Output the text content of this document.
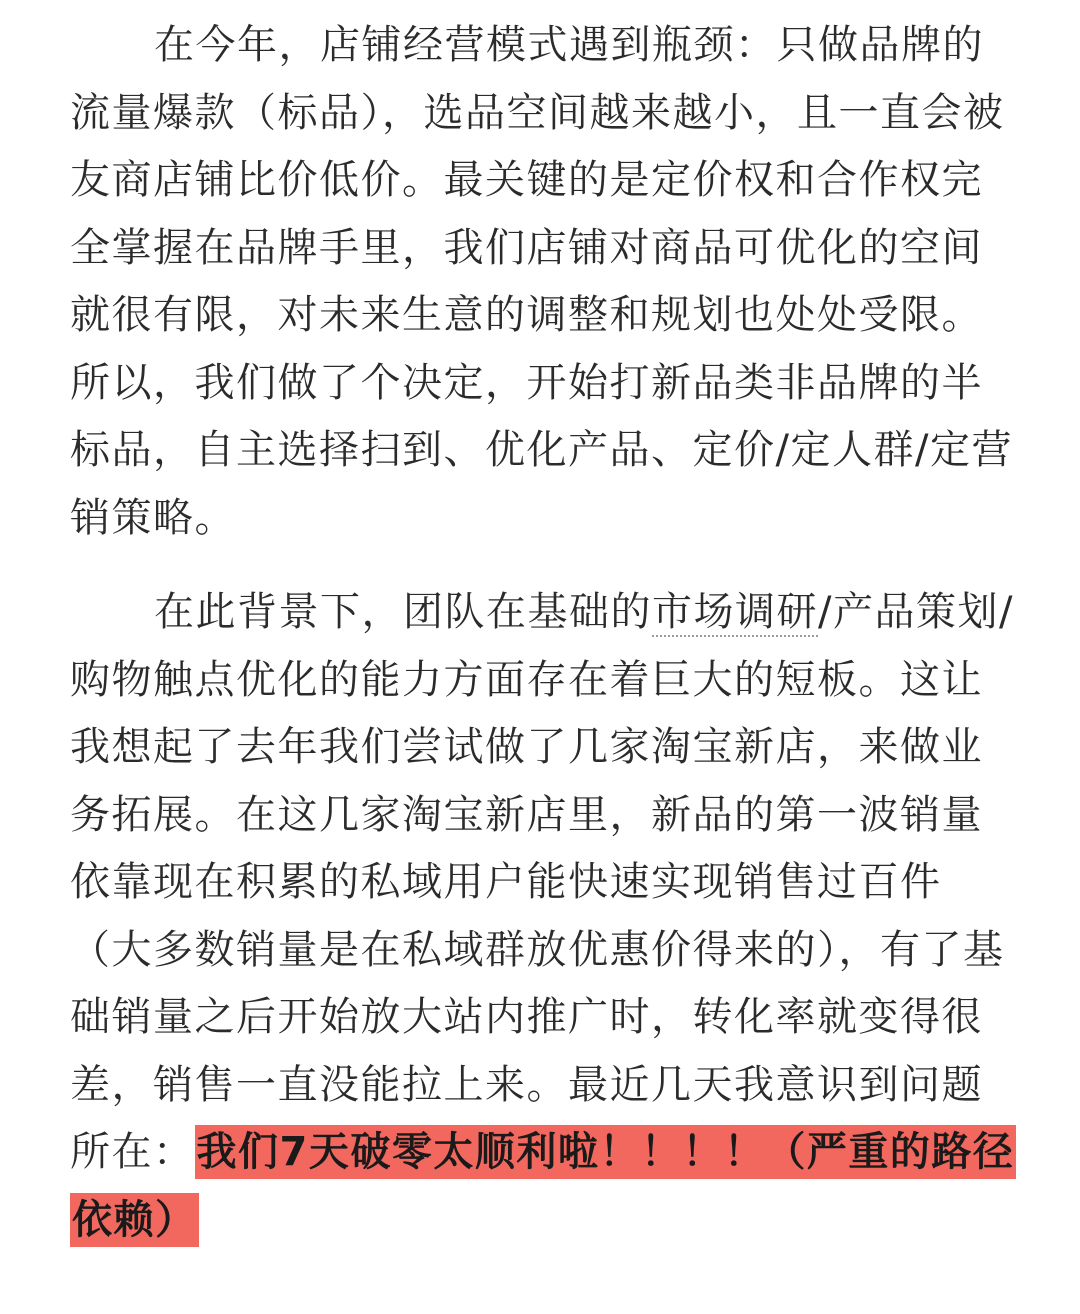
在今年，店铺经营模式遇到瓶颈：只做品牌的流量爆款（标品），选品空间越来越小，且一直会被友商店铺比价低价。最关键的是定价权和合作权完全掌握在品牌手里，我们店铺对商品可优化的空间就很有限，对未来生意的调整和规划也处处受限。所以，我们做了个决定，开始打新品类非品牌的半标品，自主选择扫到、优化产品、定价/定人群/定营销策略。

在此背景下，团队在基础的市场调研/产品策划/购物触点优化的能力方面存在着巨大的短板。这让我想起了去年我们尝试做了几家淘宝新店，来做业务拓展。在这几家淘宝新店里，新品的第一波销量依靠现在积累的私域用户能快速实现销售过百件（大多数销量是在私域群放优惠价得来的），有了基础销量之后开始放大站内推广时，转化率就变得很差，销售一直没能拉上来。最近几天我意识到问题所在：我们7天破零太顺利啦！！！！（严重的路径依赖）
